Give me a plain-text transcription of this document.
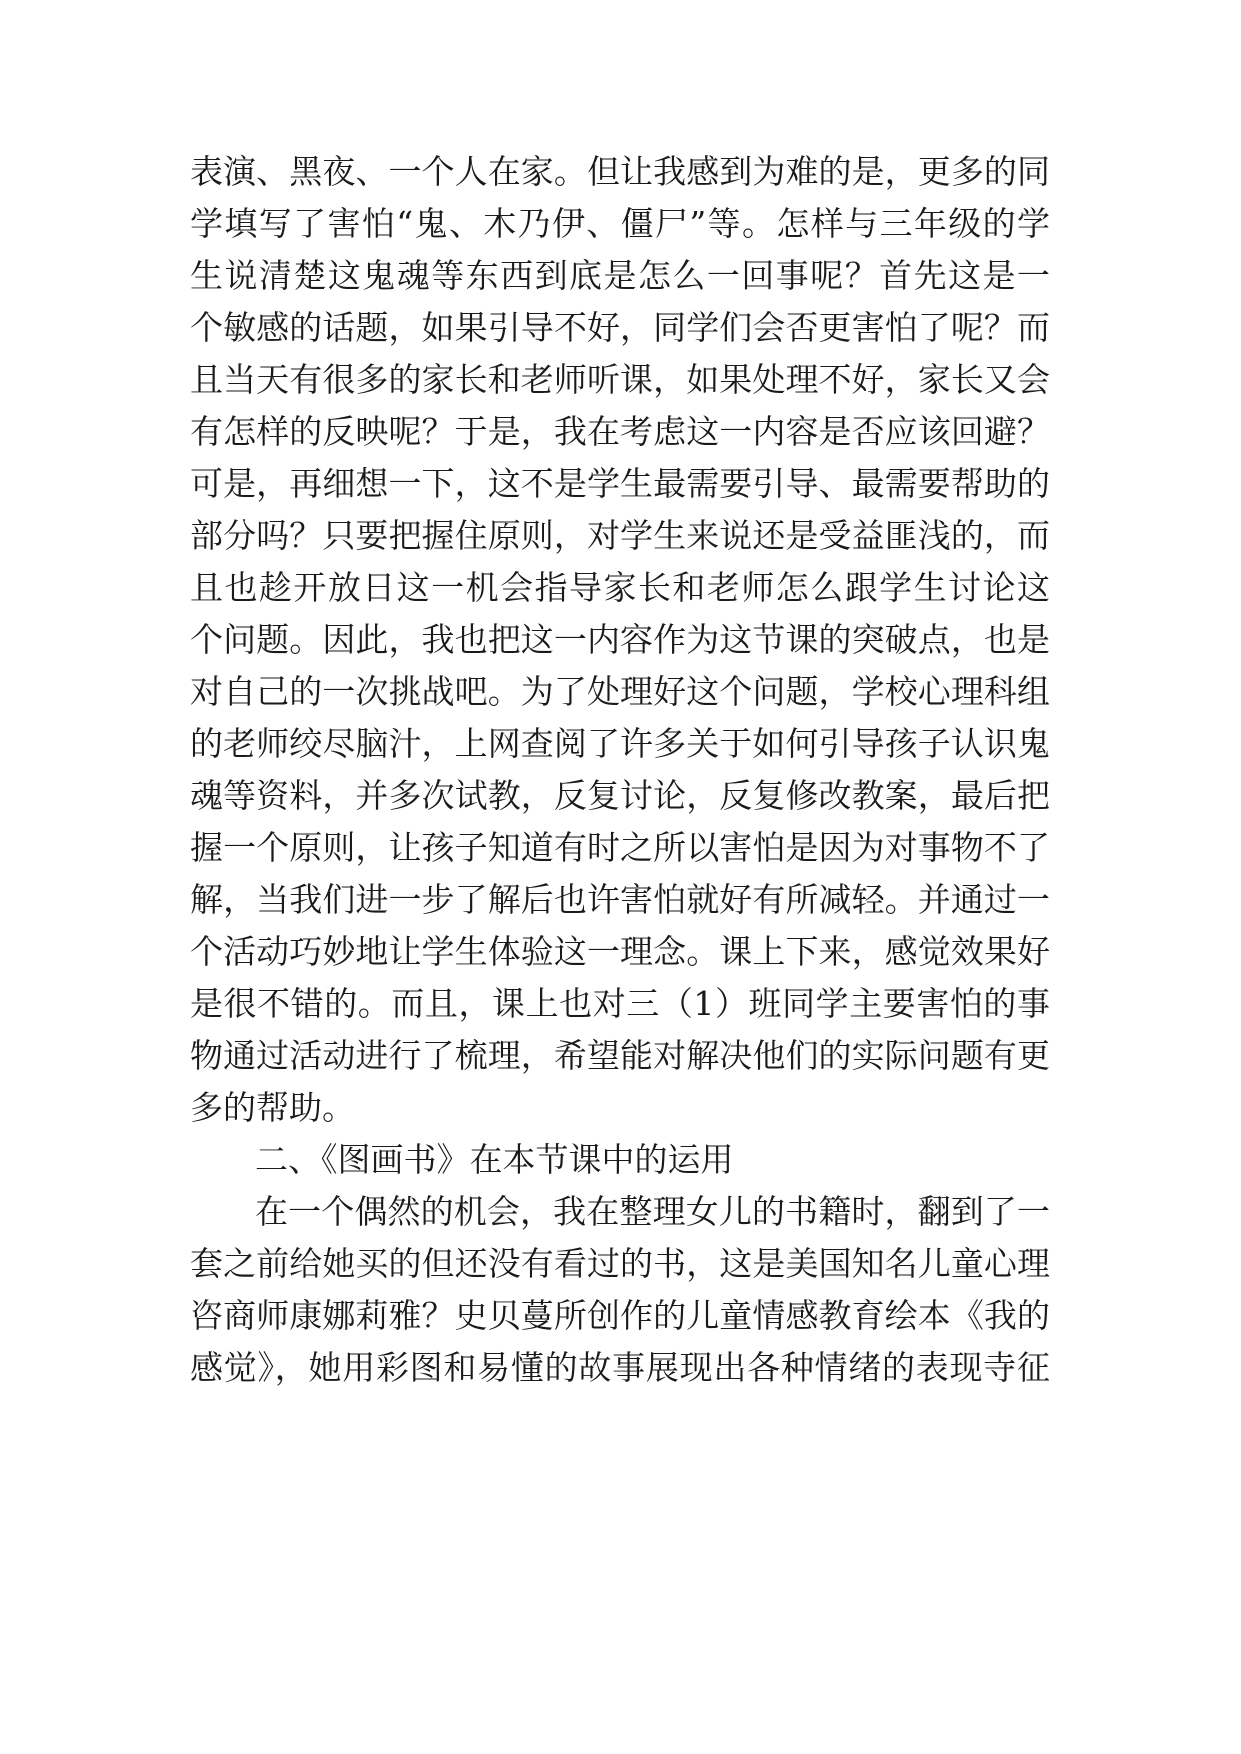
表演、黑夜、一个人在家。但让我感到为难的是，更多的同
学填写了害怕“鬼、木乃伊、僵尸”等。怎样与三年级的学
生说清楚这鬼魂等东西到底是怎么一回事呢？首先这是一
个敏感的话题，如果引导不好，同学们会否更害怕了呢？而
且当天有很多的家长和老师听课，如果处理不好，家长又会
有怎样的反映呢？于是，我在考虑这一内容是否应该回避？
可是，再细想一下，这不是学生最需要引导、最需要帮助的
部分吗？只要把握住原则，对学生来说还是受益匪浅的，而
且也趁开放日这一机会指导家长和老师怎么跟学生讨论这
个问题。因此，我也把这一内容作为这节课的突破点，也是
对自己的一次挑战吧。为了处理好这个问题，学校心理科组
的老师绞尽脑汁，上网查阅了许多关于如何引导孩子认识鬼
魂等资料，并多次试教，反复讨论，反复修改教案，最后把
握一个原则，让孩子知道有时之所以害怕是因为对事物不了
解，当我们进一步了解后也许害怕就好有所减轻。并通过一
个活动巧妙地让学生体验这一理念。课上下来，感觉效果好
是很不错的。而且，课上也对三（1）班同学主要害怕的事
物通过活动进行了梳理，希望能对解决他们的实际问题有更
多的帮助。
二、《图画书》在本节课中的运用
在一个偶然的机会，我在整理女儿的书籍时，翻到了一
套之前给她买的但还没有看过的书，这是美国知名儿童心理
咨商师康娜莉雅？史贝蔓所创作的儿童情感教育绘本《我的
感觉》，她用彩图和易懂的故事展现出各种情绪的表现寺征
